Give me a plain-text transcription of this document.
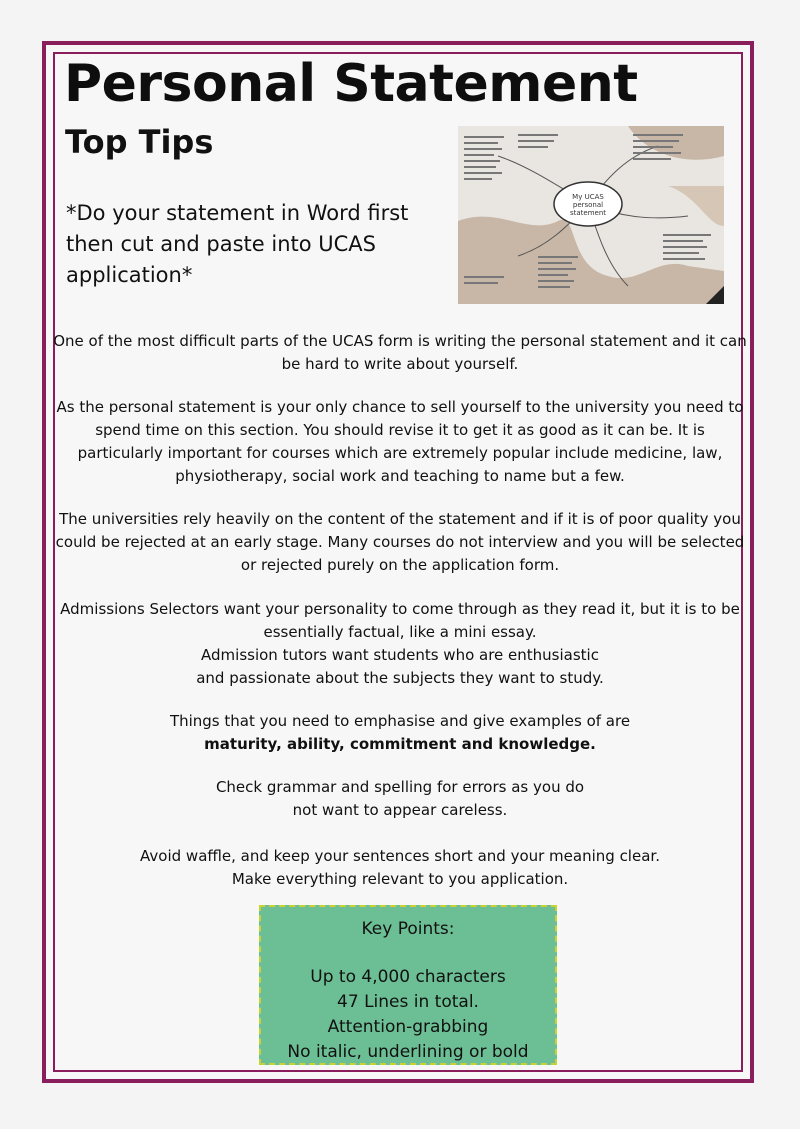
Personal Statement
Top Tips
*Do your statement in Word first then cut and paste into UCAS application*
My UCAS
personal
statement

One of the most difficult parts of the UCAS form is writing the personal statement and it can be hard to write about yourself.

As the personal statement is your only chance to sell yourself to the university you need to spend time on this section. You should revise it to get it as good as it can be. It is particularly important for courses which are extremely popular include medicine, law, physiotherapy, social work and teaching to name but a few.

The universities rely heavily on the content of the statement and if it is of poor quality you could be rejected at an early stage. Many courses do not interview and you will be selected or rejected purely on the application form.

Admissions Selectors want your personality to come through as they read it, but it is to be essentially factual, like a mini essay.

Admission tutors want students who are enthusiastic and passionate about the subjects they want to study.

Things that you need to emphasise and give examples of are

maturity, ability, commitment and knowledge.

Check grammar and spelling for errors as you do not want to appear careless.

Avoid waffle, and keep your sentences short and your meaning clear.

Make everything relevant to you application.

Key Points:
Up to 4,000 characters
47 Lines in total.
Attention-grabbing
No italic, underlining or bold
